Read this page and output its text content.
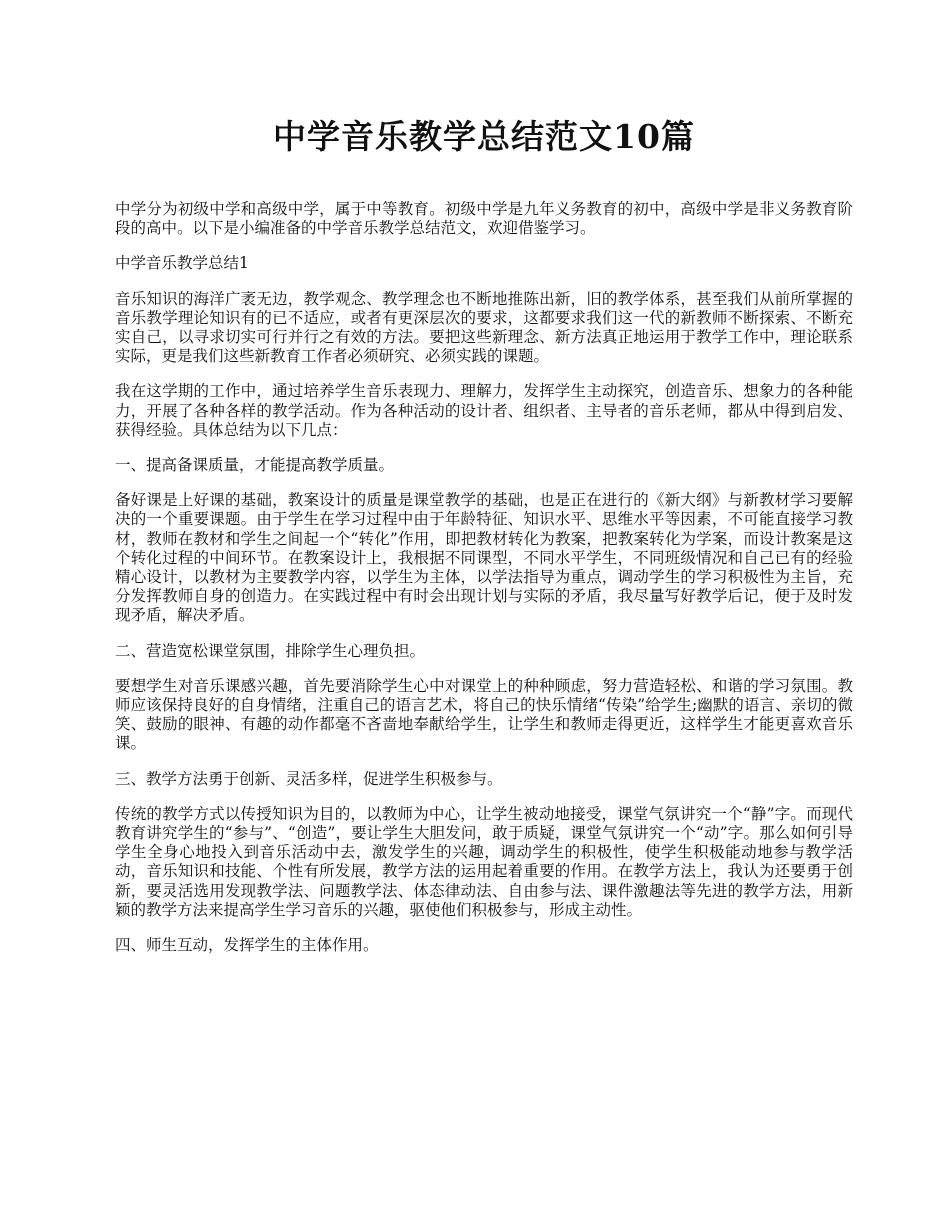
中学音乐教学总结范文10篇

中学分为初级中学和高级中学，属于中等教育。初级中学是九年义务教育的初中，高级中学是非义务教育阶段的高中。以下是小编准备的中学音乐教学总结范文，欢迎借鉴学习。

中学音乐教学总结1

音乐知识的海洋广袤无边，教学观念、教学理念也不断地推陈出新，旧的教学体系，甚至我们从前所掌握的音乐教学理论知识有的已不适应，或者有更深层次的要求，这都要求我们这一代的新教师不断探索、不断充实自己，以寻求切实可行并行之有效的方法。要把这些新理念、新方法真正地运用于教学工作中，理论联系实际，更是我们这些新教育工作者必须研究、必须实践的课题。

我在这学期的工作中，通过培养学生音乐表现力、理解力，发挥学生主动探究，创造音乐、想象力的各种能力，开展了各种各样的教学活动。作为各种活动的设计者、组织者、主导者的音乐老师，都从中得到启发、获得经验。具体总结为以下几点：

一、提高备课质量，才能提高教学质量。

备好课是上好课的基础，教案设计的质量是课堂教学的基础，也是正在进行的《新大纲》与新教材学习要解决的一个重要课题。由于学生在学习过程中由于年龄特征、知识水平、思维水平等因素，不可能直接学习教材，教师在教材和学生之间起一个“转化”作用，即把教材转化为教案，把教案转化为学案，而设计教案是这个转化过程的中间环节。在教案设计上，我根据不同课型，不同水平学生，不同班级情况和自己已有的经验精心设计，以教材为主要教学内容，以学生为主体，以学法指导为重点，调动学生的学习积极性为主旨，充分发挥教师自身的创造力。在实践过程中有时会出现计划与实际的矛盾，我尽量写好教学后记，便于及时发现矛盾，解决矛盾。

二、营造宽松课堂氛围，排除学生心理负担。

要想学生对音乐课感兴趣，首先要消除学生心中对课堂上的种种顾虑，努力营造轻松、和谐的学习氛围。教师应该保持良好的自身情绪，注重自己的语言艺术，将自己的快乐情绪“传染”给学生;幽默的语言、亲切的微笑、鼓励的眼神、有趣的动作都毫不吝啬地奉献给学生，让学生和教师走得更近，这样学生才能更喜欢音乐课。

三、教学方法勇于创新、灵活多样，促进学生积极参与。

传统的教学方式以传授知识为目的，以教师为中心，让学生被动地接受，课堂气氛讲究一个“静”字。而现代教育讲究学生的“参与”、“创造”，要让学生大胆发问，敢于质疑，课堂气氛讲究一个“动”字。那么如何引导学生全身心地投入到音乐活动中去，激发学生的兴趣，调动学生的积极性，使学生积极能动地参与教学活动，音乐知识和技能、个性有所发展，教学方法的运用起着重要的作用。在教学方法上，我认为还要勇于创新，要灵活选用发现教学法、问题教学法、体态律动法、自由参与法、课件激趣法等先进的教学方法，用新颖的教学方法来提高学生学习音乐的兴趣，驱使他们积极参与，形成主动性。

四、师生互动，发挥学生的主体作用。
